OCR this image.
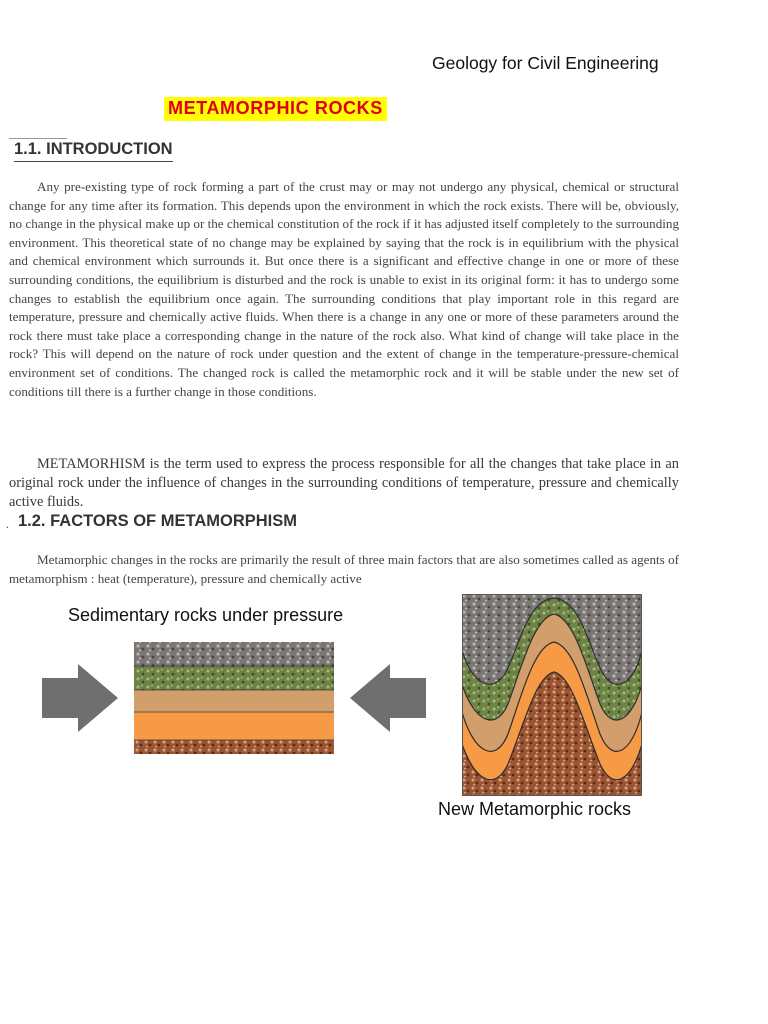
Geology for Civil Engineering
METAMORPHIC ROCKS
1.1. INTRODUCTION

Any pre-existing type of rock forming a part of the crust may or may not undergo any physical, chemical or structural change for any time after its formation. This depends upon the environment in which the rock exists. There will be, obviously, no change in the physical make up or the chemical constitution of the rock if it has adjusted itself completely to the surrounding environment. This theoretical state of no change may be explained by saying that the rock is in equilibrium with the physical and chemical environment which surrounds it. But once there is a significant and effective change in one or more of these surrounding conditions, the equilibrium is disturbed and the rock is unable to exist in its original form: it has to undergo some changes to establish the equilibrium once again. The surrounding conditions that play important role in this regard are temperature, pressure and chemically active fluids. When there is a change in any one or more of these parameters around the rock there must take place a corresponding change in the nature of the rock also. What kind of change will take place in the rock? This will depend on the nature of rock under question and the extent of change in the temperature-pressure-chemical environment set of conditions. The changed rock is called the metamorphic rock and it will be stable under the new set of conditions till there is a further change in those conditions.

METAMORHISM is the term used to express the process responsible for all the changes that take place in an original rock under the influence of changes in the surrounding conditions of temperature, pressure and chemically active fluids.

. 1.2. FACTORS OF METAMORPHISM

Metamorphic changes in the rocks are primarily the result of three main factors that are also sometimes called as agents of metamorphism : heat (temperature), pressure and chemically active

Sedimentary rocks under pressure
New Metamorphic rocks
